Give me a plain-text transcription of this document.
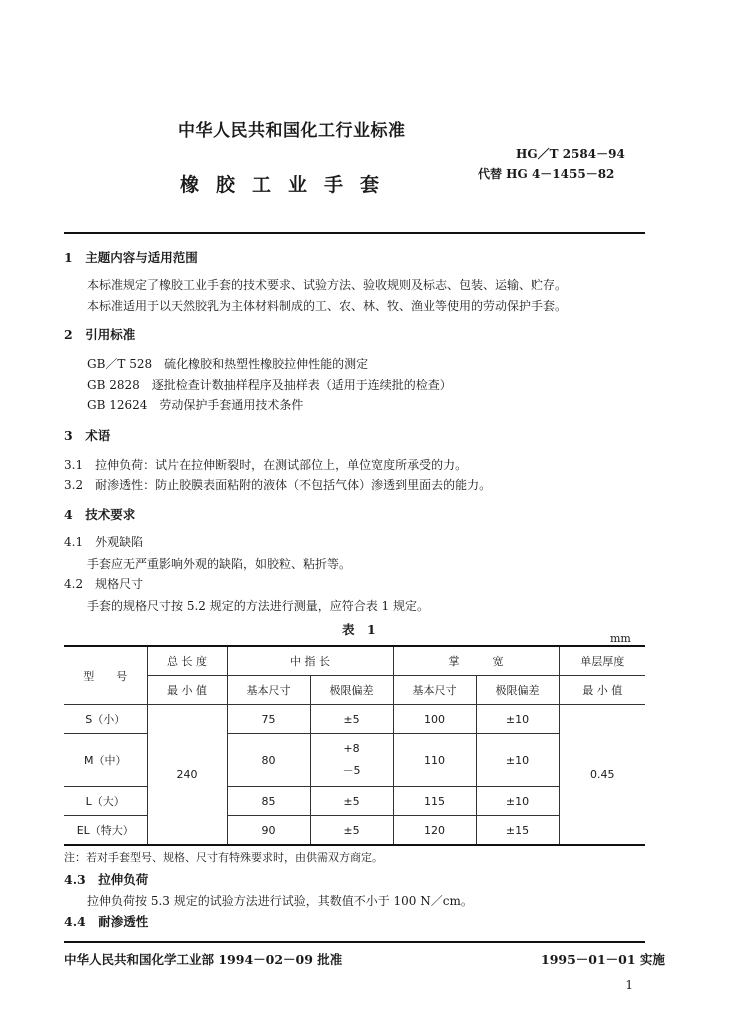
中华人民共和国化工行业标准
HG／T 2584－94
代替 HG 4－1455－82
橡胶工业手套
1　主题内容与适用范围
本标准规定了橡胶工业手套的技术要求、试验方法、验收规则及标志、包装、运输、贮存。
本标准适用于以天然胶乳为主体材料制成的工、农、林、牧、渔业等使用的劳动保护手套。
2　引用标准
GB／T 528　硫化橡胶和热塑性橡胶拉伸性能的测定
GB 2828　逐批检查计数抽样程序及抽样表（适用于连续批的检查）
GB 12624　劳动保护手套通用技术条件
3　术语
3.1　拉伸负荷：试片在拉伸断裂时，在测试部位上，单位宽度所承受的力。
3.2　耐渗透性：防止胶膜表面粘附的液体（不包括气体）渗透到里面去的能力。
4　技术要求
4.1　外观缺陷
手套应无严重影响外观的缺陷，如胶粒、粘折等。
4.2　规格尺寸
手套的规格尺寸按 5.2 规定的方法进行测量，应符合表 1 规定。
表　1
mm
型　　号	总 长 度	中 指 长		掌　　　宽		单层厚度
	最 小 值	基本尺寸	极限偏差	基本尺寸	极限偏差	最 小 值
S（小）	240	75	±5	100	±10	0.45
M（中）		80	+8
－5	110	±10	
L（大）		85	±5	115	±10	
EL（特大）		90	±5	120	±15	
注：若对手套型号、规格、尺寸有特殊要求时，由供需双方商定。
4.3　拉伸负荷
拉伸负荷按 5.3 规定的试验方法进行试验，其数值不小于 100 N／cm。
4.4　耐渗透性
中华人民共和国化学工业部 1994－02－09 批准	1995－01－01 实施
1
